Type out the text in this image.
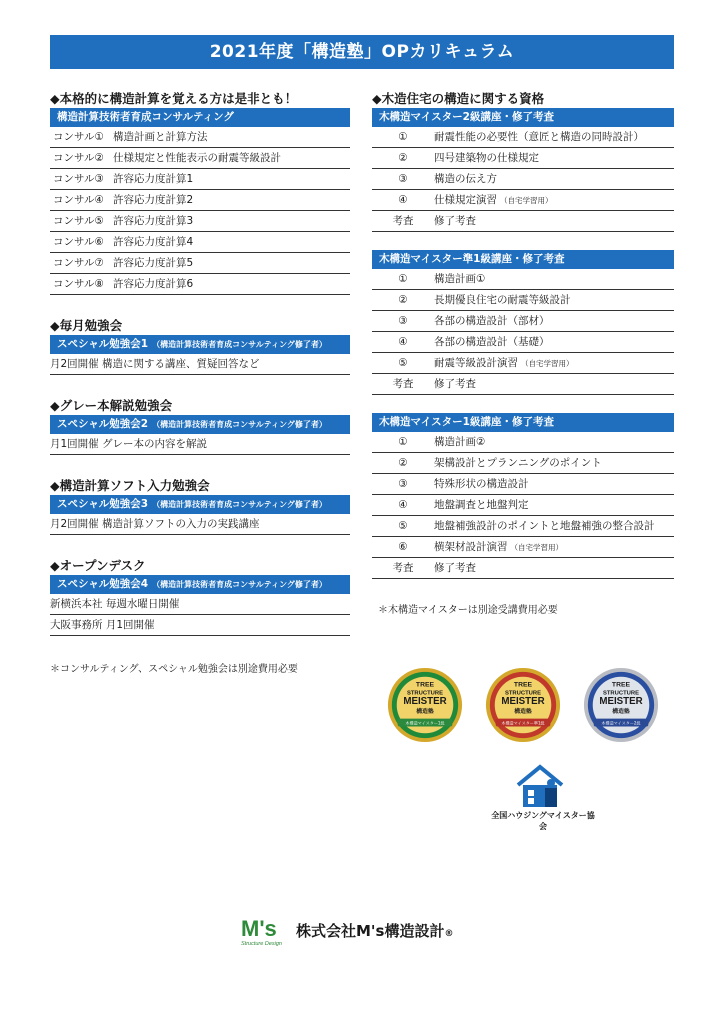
2021年度「構造塾」OPカリキュラム
◆本格的に構造計算を覚える方は是非とも！
構造計算技術者育成コンサルティング
コンサル① 構造計画と計算方法
コンサル② 仕様規定と性能表示の耐震等級設計
コンサル③ 許容応力度計算1
コンサル④ 許容応力度計算2
コンサル⑤ 許容応力度計算3
コンサル⑥ 許容応力度計算4
コンサル⑦ 許容応力度計算5
コンサル⑧ 許容応力度計算6
◆毎月勉強会
スペシャル勉強会1 （構造計算技術者育成コンサルティング修了者）
月2回開催 構造に関する講座、質疑回答など
◆グレー本解説勉強会
スペシャル勉強会2 （構造計算技術者育成コンサルティング修了者）
月1回開催 グレー本の内容を解説
◆構造計算ソフト入力勉強会
スペシャル勉強会3 （構造計算技術者育成コンサルティング修了者）
月2回開催 構造計算ソフトの入力の実践講座
◆オープンデスク
スペシャル勉強会4 （構造計算技術者育成コンサルティング修了者）
新横浜本社 毎週水曜日開催
大阪事務所 月1回開催
＊コンサルティング、スペシャル勉強会は別途費用必要
◆木造住宅の構造に関する資格
木構造マイスター2級講座・修了考査
①	耐震性能の必要性（意匠と構造の同時設計）
②	四号建築物の仕様規定
③	構造の伝え方
④	仕様規定演習 （自宅学習用）
考査 修了考査
木構造マイスター準1級講座・修了考査
①	構造計画①
②	長期優良住宅の耐震等級設計
③	各部の構造設計（部材）
④	各部の構造設計（基礎）
⑤	耐震等級設計演習 （自宅学習用）
考査 修了考査
木構造マイスター1級講座・修了考査
①	構造計画②
②	架構設計とプランニングのポイント
③	特殊形状の構造設計
④	地盤調査と地盤判定
⑤	地盤補強設計のポイントと地盤補強の整合設計
⑥	横架材設計演習 （自宅学習用）
考査 修了考査
＊木構造マイスターは別途受講費用必要
TREE
STRUCTURE
MEISTER
構造塾
木構造マイスター1級
TREE
STRUCTURE
MEISTER
構造塾
木構造マイスター準1級
TREE
STRUCTURE
MEISTER
構造塾
木構造マイスター2級
全国ハウジングマイスター協会
M's
Structure Design
株式会社M's構造設計®
